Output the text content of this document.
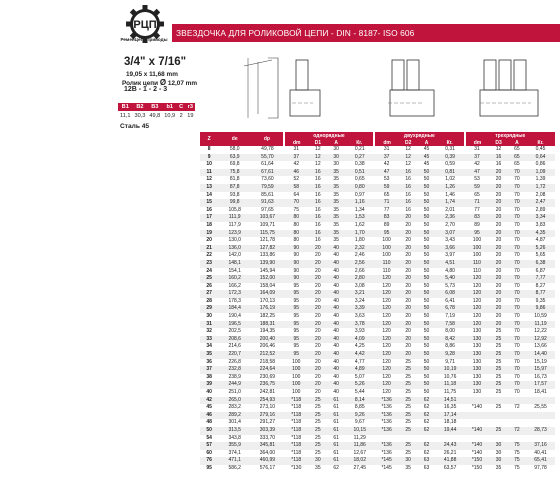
РЦП
РеменЦепиПриводы
ЗВЕЗДОЧКА ДЛЯ РОЛИКОВОЙ ЦЕПИ - DIN - 8187- ISO 606
3/4" x 7/16"
19,05 x 11,68 mm
Ролик цепи Ø 12,07 mm
12B - 1 - 2 - 3
B1	B2	B3	b1	C	r3
11,1	30,3	49,8	10,9	2	19
Сталь 45
Z	de	dp	однорядные				двухрядные				трехрядные			
			dm	D1	A	Кг.	dm	D2	A	Кг.	dm	D3	A	Кг.
8	58,0	49,78	31	12	30	0,21	31	12	45	0,31	31	12	65	0,45
9	63,9	55,70	37	12	30	0,27	37	12	45	0,39	37	16	65	0,64
10	69,8	61,64	42	12	30	0,38	42	12	45	0,59	42	16	65	0,86
11	75,8	67,61	46	16	35	0,51	47	16	50	0,81	47	20	70	1,09
12	81,8	73,60	52	16	35	0,65	53	16	50	1,02	53	20	70	1,39
13	87,8	79,59	58	16	35	0,80	59	16	50	1,26	59	20	70	1,72
14	93,8	85,61	64	16	35	0,97	65	16	50	1,46	65	20	70	2,08
15	99,8	91,63	70	16	35	1,16	71	16	50	1,74	71	20	70	2,47
16	105,8	97,65	75	16	35	1,34	77	16	50	2,01	77	20	70	2,89
17	111,9	103,67	80	16	35	1,53	83	20	50	2,36	83	20	70	3,34
18	117,9	109,71	80	16	35	1,62	89	20	50	2,70	89	20	70	3,83
19	123,9	115,75	80	16	35	1,70	95	20	50	3,07	95	20	70	4,35
20	130,0	121,78	80	16	35	1,80	100	20	50	3,43	100	20	70	4,87
21	136,0	127,82	90	20	40	2,32	100	20	50	3,66	100	20	70	5,26
22	142,0	133,86	90	20	40	2,46	100	20	50	3,97	100	20	70	5,65
23	148,1	139,90	90	20	40	2,56	110	20	50	4,51	110	20	70	6,38
24	154,1	145,94	90	20	40	2,66	110	20	50	4,80	110	20	70	6,87
25	160,2	152,00	90	20	40	2,80	120	20	50	5,40	120	20	70	7,77
26	166,2	158,04	95	20	40	3,08	120	20	50	5,73	120	20	70	8,27
27	172,3	164,09	95	20	40	3,21	120	20	50	6,08	120	20	70	8,77
28	178,3	170,13	95	20	40	3,24	120	20	50	6,41	120	20	70	9,35
29	184,4	176,19	95	20	40	3,39	120	20	50	6,78	120	20	70	9,86
30	190,4	182,25	95	20	40	3,63	120	20	50	7,19	120	20	70	10,59
31	196,5	188,31	95	20	40	3,78	120	20	50	7,58	120	20	70	11,19
32	202,5	194,35	95	20	40	3,93	120	20	50	8,00	130	25	70	12,22
33	208,6	200,40	95	20	40	4,09	120	20	50	8,42	130	25	70	12,92
34	214,6	206,46	95	20	40	4,25	120	20	50	8,86	130	25	70	13,66
35	220,7	212,52	95	20	40	4,42	120	20	50	9,28	130	25	70	14,40
36	226,8	218,58	100	20	40	4,77	120	25	50	9,71	130	25	70	15,19
37	232,8	224,64	100	20	40	4,89	120	25	50	10,19	130	25	70	15,97
38	238,9	230,69	100	20	40	5,07	120	25	50	10,76	130	25	70	16,73
39	244,9	236,75	100	20	40	5,26	120	25	50	11,18	130	25	70	17,57
40	251,0	242,81	100	20	40	5,44	120	25	50	11,75	130	25	70	18,41
42	265,0	254,93	*118	25	61	8,14	*136	25	62	14,51				
45	283,2	273,10	*118	25	61	8,85	*136	25	62	16,35	*140	25	72	25,55
46	289,2	279,16	*118	25	61	9,26	*136	25	62	17,14				
48	301,4	291,27	*118	25	61	9,67	*136	25	62	18,18				
50	313,5	303,39	*118	25	61	10,15	*136	25	62	19,44	*140	25	72	28,73
54	343,8	333,70	*118	25	61	11,29								
57	355,9	345,81	*118	25	61	11,86	*136	25	62	24,43	*140	30	75	37,16
60	374,1	364,00	*118	25	61	12,67	*136	25	62	26,21	*140	30	75	40,41
76	471,1	460,99	*118	30	61	18,02	*145	30	63	41,88	*150	30	75	65,41
95	586,2	576,17	*130	35	62	27,45	*145	35	63	63,57	*150	35	75	97,78
